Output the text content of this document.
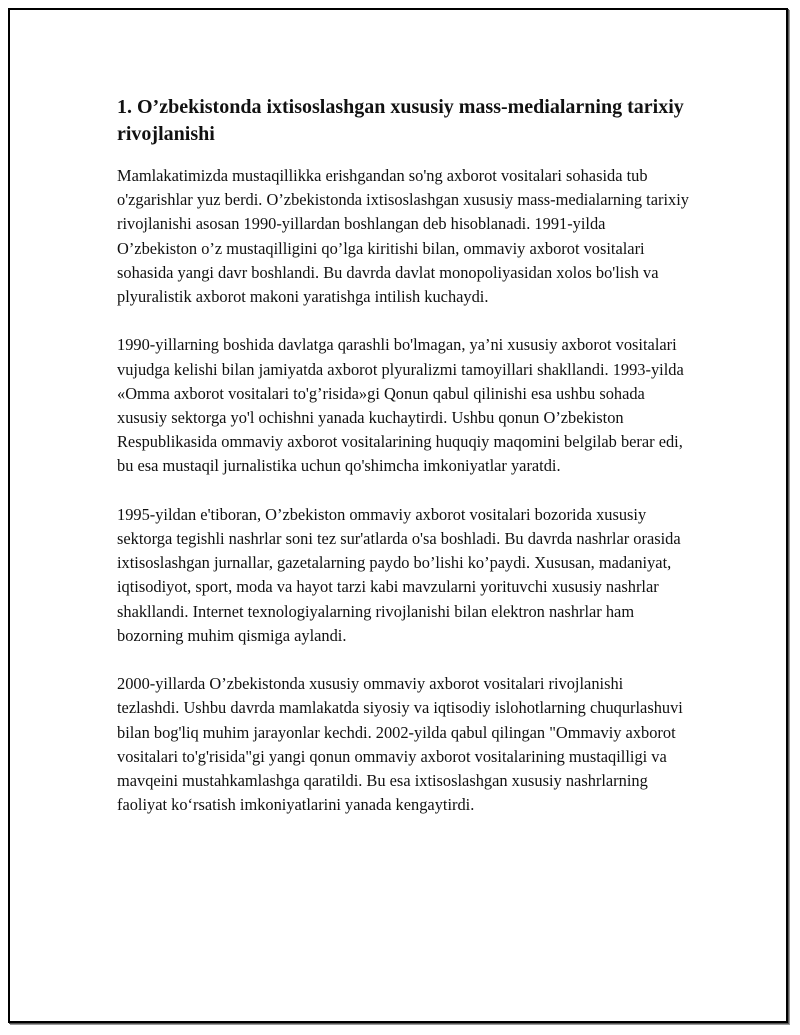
1. O’zbekistonda ixtisoslashgan xususiy mass-medialarning tarixiy rivojlanishi

Mamlakatimizda mustaqillikka erishgandan so'ng axborot vositalari sohasida tub o'zgarishlar yuz berdi. O’zbekistonda ixtisoslashgan xususiy mass-medialarning tarixiy rivojlanishi asosan 1990-yillardan boshlangan deb hisoblanadi. 1991-yilda O’zbekiston o’z mustaqilligini qo’lga kiritishi bilan, ommaviy axborot vositalari sohasida yangi davr boshlandi. Bu davrda davlat monopoliyasidan xolos bo'lish va plyuralistik axborot makoni yaratishga intilish kuchaydi.

1990-yillarning boshida davlatga qarashli bo'lmagan, ya’ni xususiy axborot vositalari vujudga kelishi bilan jamiyatda axborot plyuralizmi tamoyillari shakllandi. 1993-yilda «Omma axborot vositalari to'g’risida»gi Qonun qabul qilinishi esa ushbu sohada xususiy sektorga yo'l ochishni yanada kuchaytirdi. Ushbu qonun O’zbekiston Respublikasida ommaviy axborot vositalarining huquqiy maqomini belgilab berar edi, bu esa mustaqil jurnalistika uchun qo'shimcha imkoniyatlar yaratdi.

1995-yildan e'tiboran, O’zbekiston ommaviy axborot vositalari bozorida xususiy sektorga tegishli nashrlar soni tez sur'atlarda o'sa boshladi. Bu davrda nashrlar orasida ixtisoslashgan jurnallar, gazetalarning paydo bo’lishi ko’paydi. Xususan, madaniyat, iqtisodiyot, sport, moda va hayot tarzi kabi mavzularni yorituvchi xususiy nashrlar shakllandi. Internet texnologiyalarning rivojlanishi bilan elektron nashrlar ham bozorning muhim qismiga aylandi.

2000-yillarda O’zbekistonda xususiy ommaviy axborot vositalari rivojlanishi tezlashdi. Ushbu davrda mamlakatda siyosiy va iqtisodiy islohotlarning chuqurlashuvi bilan bog'liq muhim jarayonlar kechdi. 2002-yilda qabul qilingan "Ommaviy axborot vositalari to'g'risida"gi yangi qonun ommaviy axborot vositalarining mustaqilligi va mavqeini mustahkamlashga qaratildi. Bu esa ixtisoslashgan xususiy nashrlarning faoliyat ko‘rsatish imkoniyatlarini yanada kengaytirdi.
